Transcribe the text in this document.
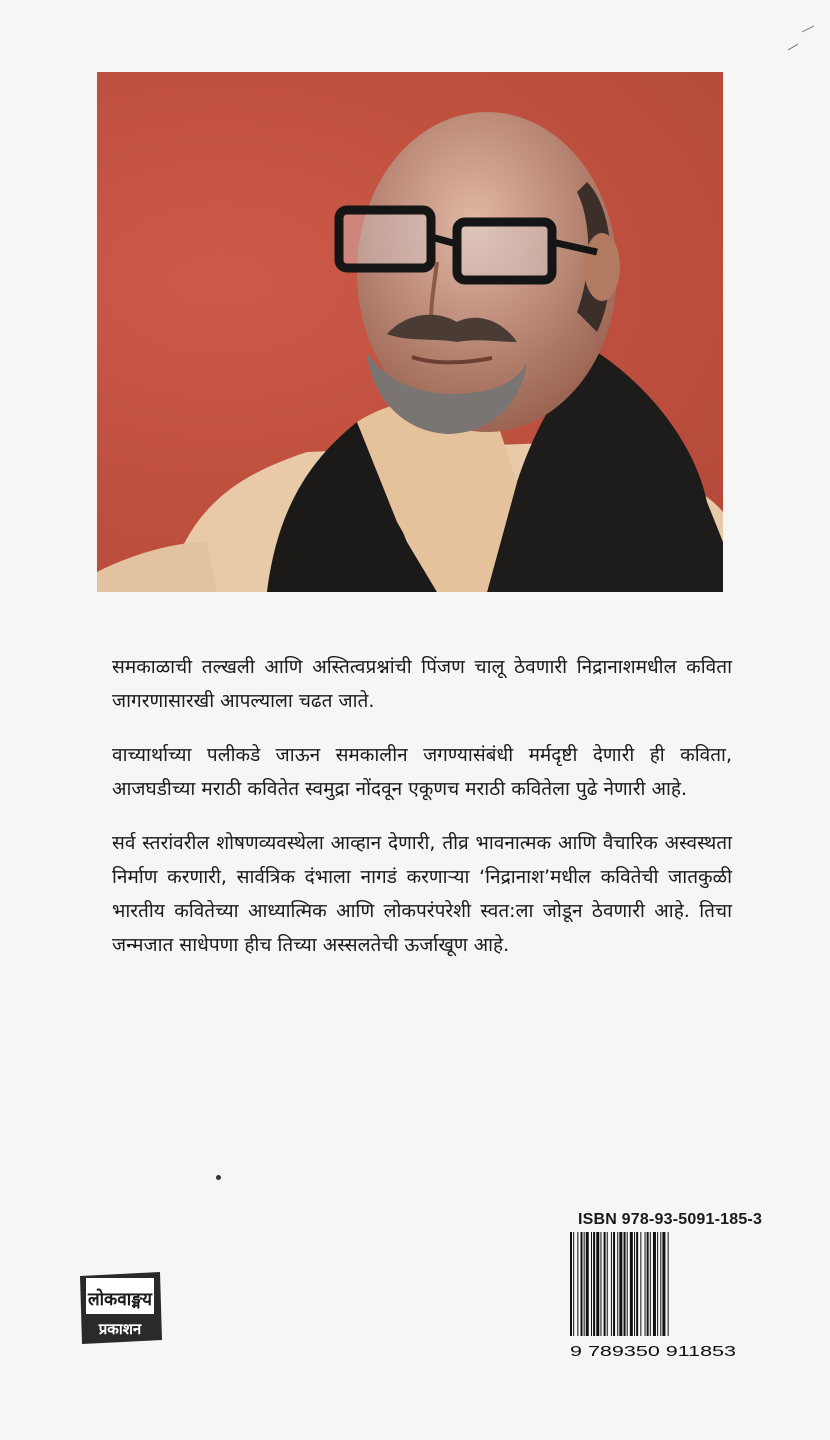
समकाळाची तल्खली आणि अस्तित्वप्रश्नांची पिंजण चालू ठेवणारी निद्रानाशमधील कविता जागरणासारखी आपल्याला चढत जाते.

वाच्यार्थाच्या पलीकडे जाऊन समकालीन जगण्यासंबंधी मर्मदृष्टी देणारी ही कविता, आजघडीच्या मराठी कवितेत स्वमुद्रा नोंदवून एकूणच मराठी कवितेला पुढे नेणारी आहे.

सर्व स्तरांवरील शोषणव्यवस्थेला आव्हान देणारी, तीव्र भावनात्मक आणि वैचारिक अस्वस्थता निर्माण करणारी, सार्वत्रिक दंभाला नागडं करणाऱ्या ‘निद्रानाश’मधील कवितेची जातकुळी भारतीय कवितेच्या आध्यात्मिक आणि लोकपरंपरेशी स्वत:ला जोडून ठेवणारी आहे. तिचा जन्मजात साधेपणा हीच तिच्या अस्सलतेची ऊर्जाखूण आहे.

ISBN 978-93-5091-185-3
9 789350 911853
लोकवाङ्मय
प्रकाशन
